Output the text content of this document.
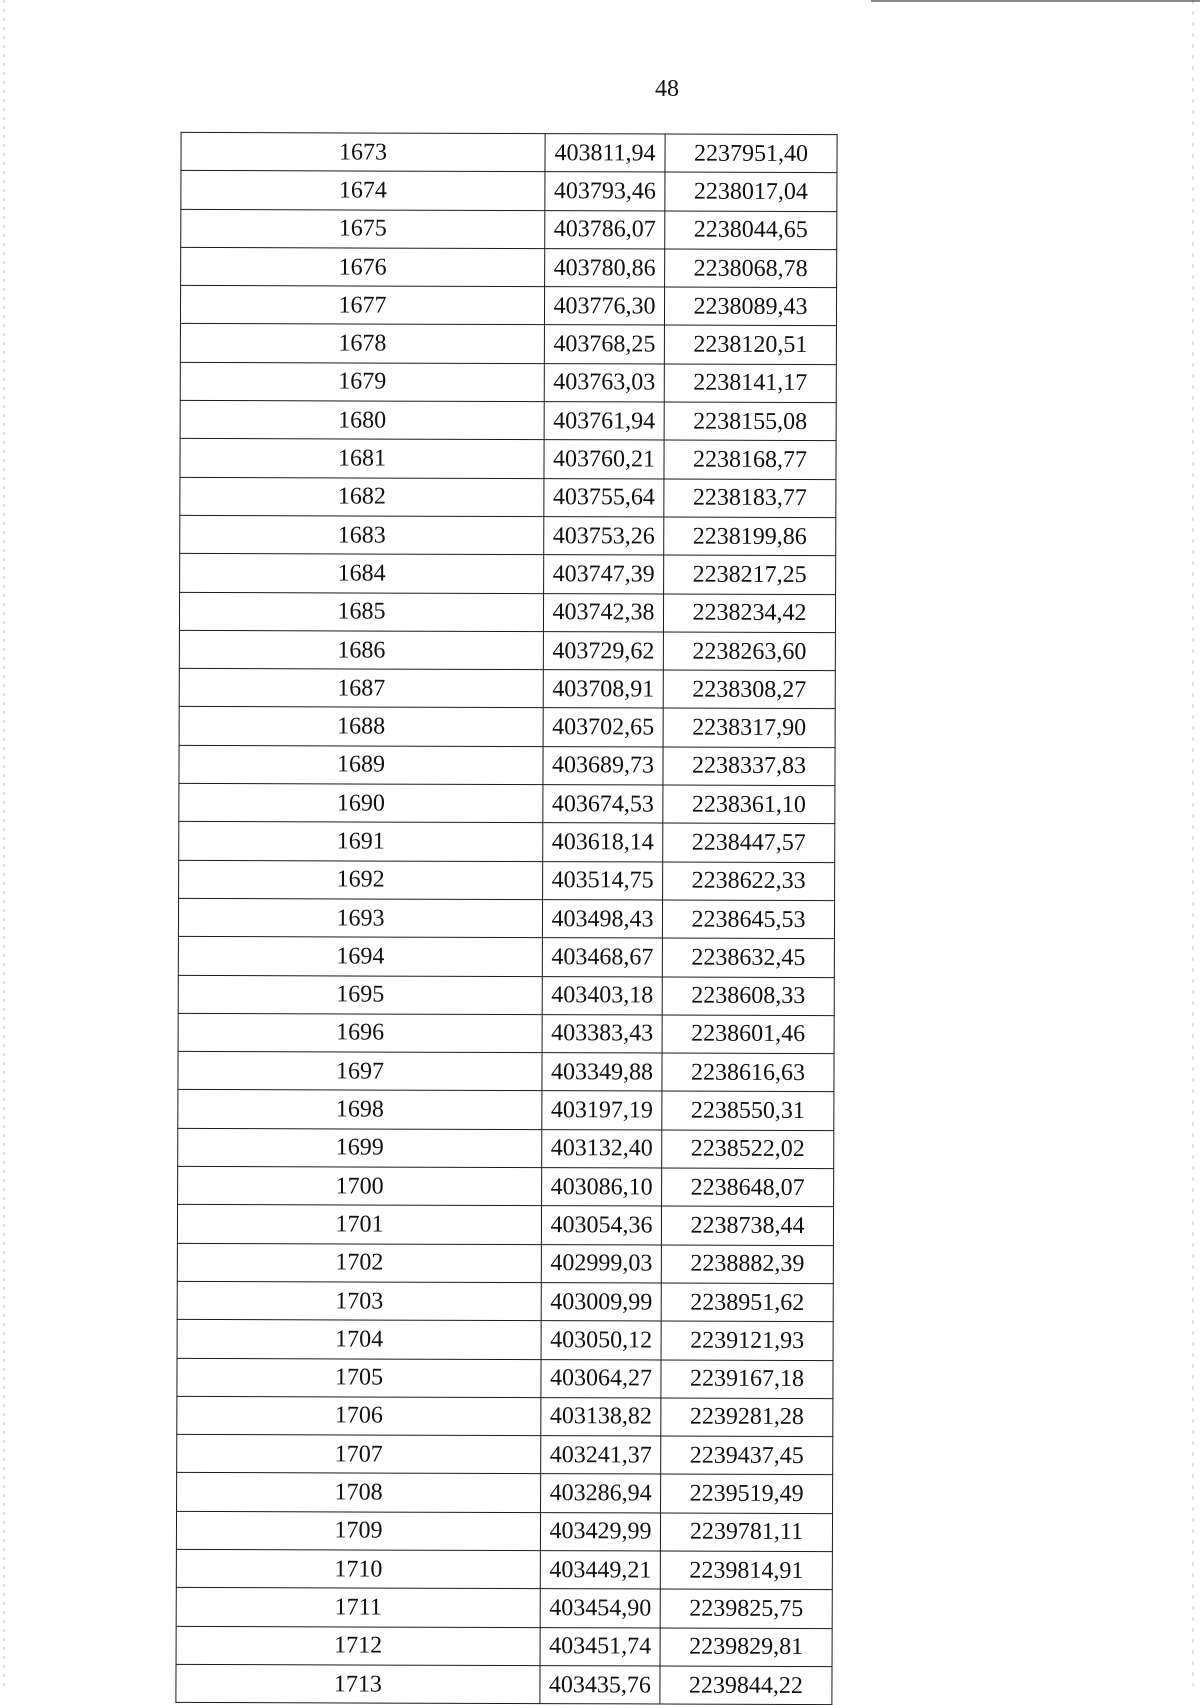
48
1673	403811,94	2237951,40
1674	403793,46	2238017,04
1675	403786,07	2238044,65
1676	403780,86	2238068,78
1677	403776,30	2238089,43
1678	403768,25	2238120,51
1679	403763,03	2238141,17
1680	403761,94	2238155,08
1681	403760,21	2238168,77
1682	403755,64	2238183,77
1683	403753,26	2238199,86
1684	403747,39	2238217,25
1685	403742,38	2238234,42
1686	403729,62	2238263,60
1687	403708,91	2238308,27
1688	403702,65	2238317,90
1689	403689,73	2238337,83
1690	403674,53	2238361,10
1691	403618,14	2238447,57
1692	403514,75	2238622,33
1693	403498,43	2238645,53
1694	403468,67	2238632,45
1695	403403,18	2238608,33
1696	403383,43	2238601,46
1697	403349,88	2238616,63
1698	403197,19	2238550,31
1699	403132,40	2238522,02
1700	403086,10	2238648,07
1701	403054,36	2238738,44
1702	402999,03	2238882,39
1703	403009,99	2238951,62
1704	403050,12	2239121,93
1705	403064,27	2239167,18
1706	403138,82	2239281,28
1707	403241,37	2239437,45
1708	403286,94	2239519,49
1709	403429,99	2239781,11
1710	403449,21	2239814,91
1711	403454,90	2239825,75
1712	403451,74	2239829,81
1713	403435,76	2239844,22
